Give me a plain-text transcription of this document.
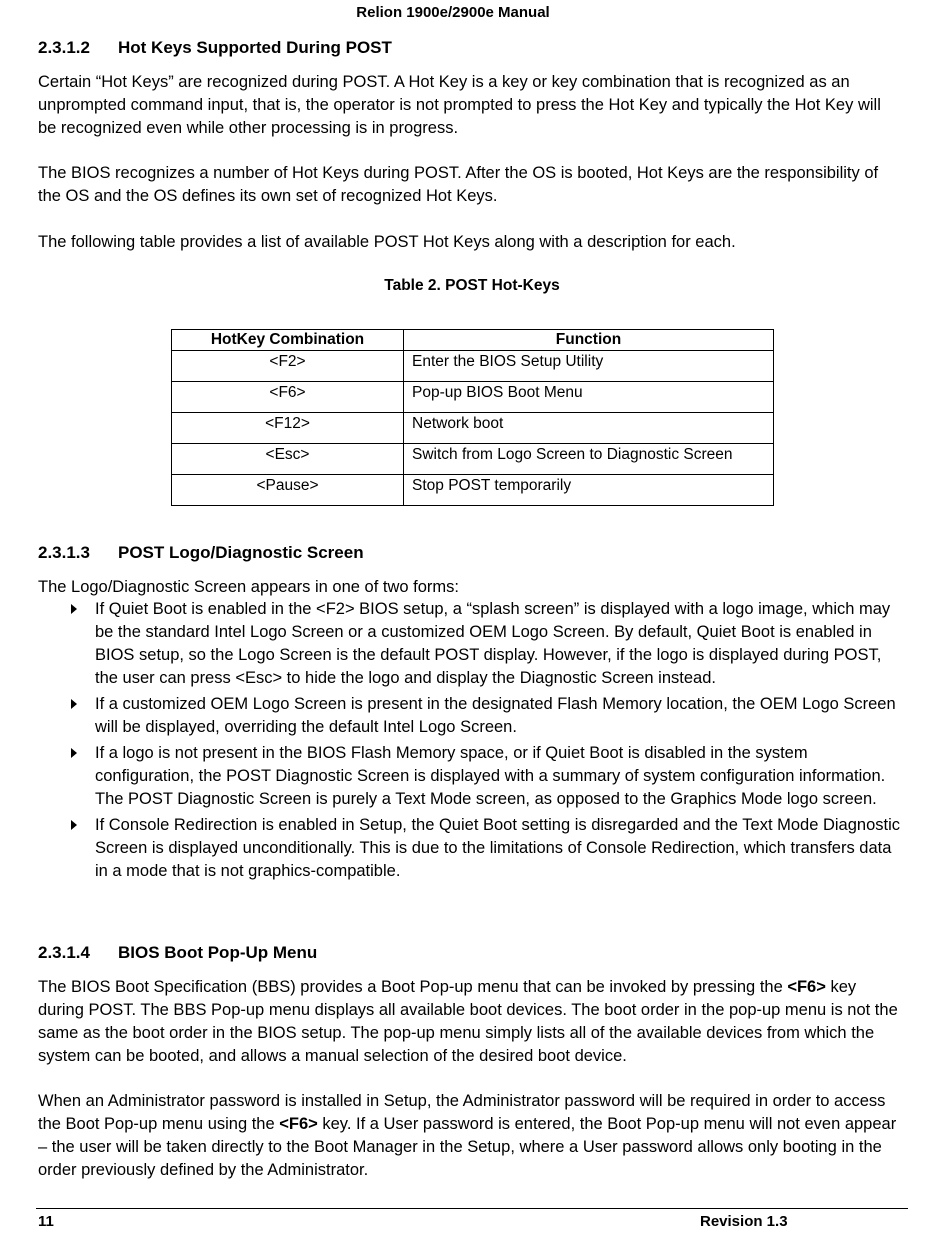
Relion 1900e/2900e Manual
2.3.1.2 Hot Keys Supported During POST

Certain “Hot Keys” are recognized during POST. A Hot Key is a key or key combination that is recognized as an unprompted command input, that is, the operator is not prompted to press the Hot Key and typically the Hot Key will be recognized even while other processing is in progress.

The BIOS recognizes a number of Hot Keys during POST. After the OS is booted, Hot Keys are the responsibility of the OS and the OS defines its own set of recognized Hot Keys.

The following table provides a list of available POST Hot Keys along with a description for each.

Table 2. POST Hot-Keys
HotKey Combination	Function
<F2>	Enter the BIOS Setup Utility
<F6>	Pop-up BIOS Boot Menu
<F12>	Network boot
<Esc>	Switch from Logo Screen to Diagnostic Screen
<Pause>	Stop POST temporarily
2.3.1.3 POST Logo/Diagnostic Screen

The Logo/Diagnostic Screen appears in one of two forms:

If Quiet Boot is enabled in the <F2> BIOS setup, a “splash screen” is displayed with a logo image, which may be the standard Intel Logo Screen or a customized OEM Logo Screen. By default, Quiet Boot is enabled in BIOS setup, so the Logo Screen is the default POST display. However, if the logo is displayed during POST, the user can press <Esc> to hide the logo and display the Diagnostic Screen instead.
If a customized OEM Logo Screen is present in the designated Flash Memory location, the OEM Logo Screen will be displayed, overriding the default Intel Logo Screen.
If a logo is not present in the BIOS Flash Memory space, or if Quiet Boot is disabled in the system configuration, the POST Diagnostic Screen is displayed with a summary of system configuration information. The POST Diagnostic Screen is purely a Text Mode screen, as opposed to the Graphics Mode logo screen.
If Console Redirection is enabled in Setup, the Quiet Boot setting is disregarded and the Text Mode Diagnostic Screen is displayed unconditionally. This is due to the limitations of Console Redirection, which transfers data in a mode that is not graphics-compatible.
2.3.1.4 BIOS Boot Pop-Up Menu

The BIOS Boot Specification (BBS) provides a Boot Pop-up menu that can be invoked by pressing the <F6> key during POST. The BBS Pop-up menu displays all available boot devices. The boot order in the pop-up menu is not the same as the boot order in the BIOS setup. The pop-up menu simply lists all of the available devices from which the system can be booted, and allows a manual selection of the desired boot device.

When an Administrator password is installed in Setup, the Administrator password will be required in order to access the Boot Pop-up menu using the <F6> key. If a User password is entered, the Boot Pop-up menu will not even appear – the user will be taken directly to the Boot Manager in the Setup, where a User password allows only booting in the order previously defined by the Administrator.

11	Revision 1.3
